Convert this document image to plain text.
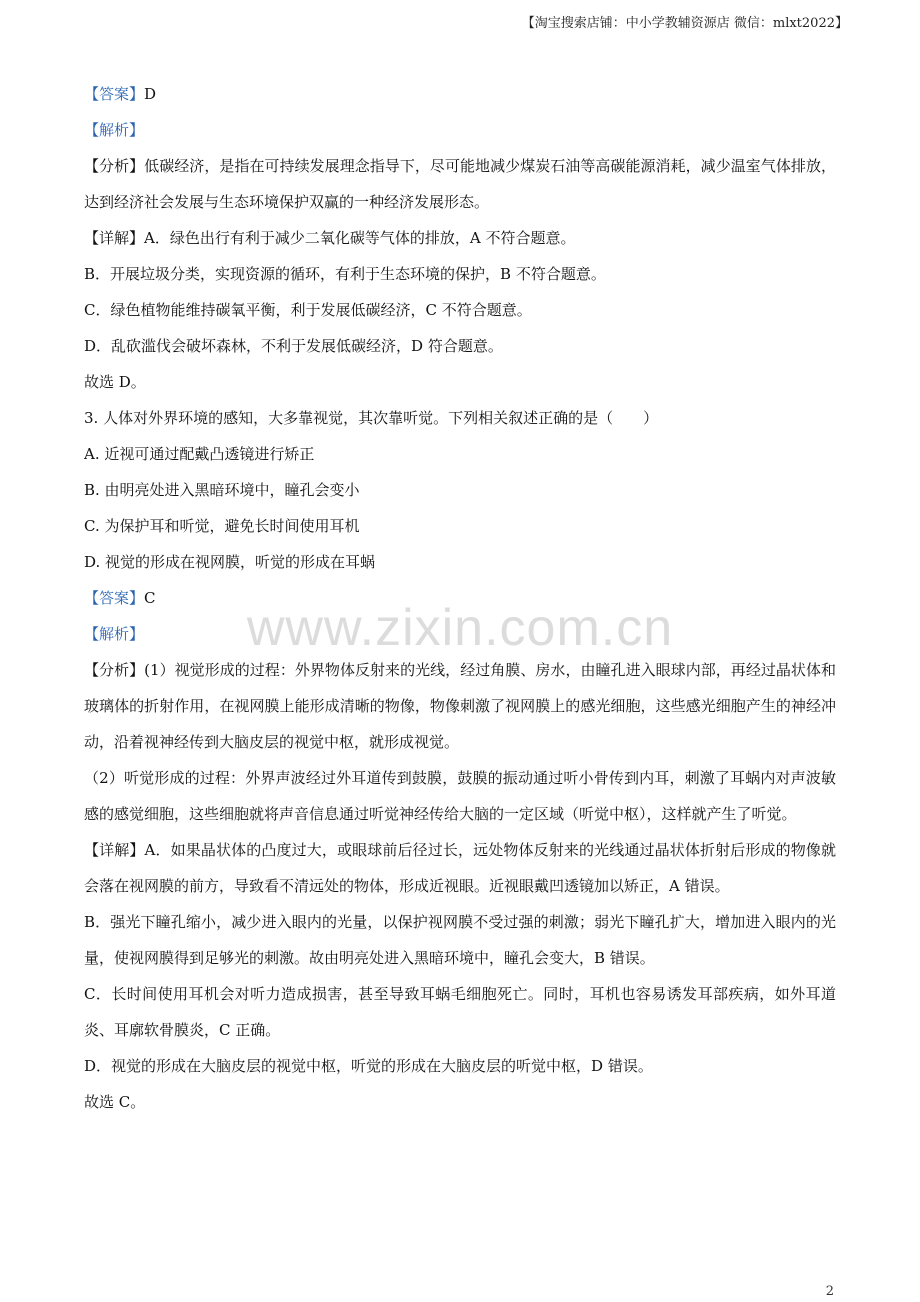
【淘宝搜索店铺：中小学教辅资源店 微信：mlxt2022】
www.zixin.com.cn

【答案】D

【解析】

【分析】低碳经济，是指在可持续发展理念指导下，尽可能地减少煤炭石油等高碳能源消耗，减少温室气体排放，达到经济社会发展与生态环境保护双赢的一种经济发展形态。

【详解】A．绿色出行有利于减少二氧化碳等气体的排放，A 不符合题意。

B．开展垃圾分类，实现资源的循环，有利于生态环境的保护，B 不符合题意。

C．绿色植物能维持碳氧平衡，利于发展低碳经济，C 不符合题意。

D．乱砍滥伐会破坏森林，不利于发展低碳经济，D 符合题意。

故选 D。

3. 人体对外界环境的感知，大多靠视觉，其次靠听觉。下列相关叙述正确的是（　　）

A. 近视可通过配戴凸透镜进行矫正

B. 由明亮处进入黑暗环境中，瞳孔会变小

C. 为保护耳和听觉，避免长时间使用耳机

D. 视觉的形成在视网膜，听觉的形成在耳蜗

【答案】C

【解析】

【分析】(1）视觉形成的过程：外界物体反射来的光线，经过角膜、房水，由瞳孔进入眼球内部，再经过晶状体和玻璃体的折射作用，在视网膜上能形成清晰的物像，物像刺激了视网膜上的感光细胞，这些感光细胞产生的神经冲动，沿着视神经传到大脑皮层的视觉中枢，就形成视觉。

（2）听觉形成的过程：外界声波经过外耳道传到鼓膜，鼓膜的振动通过听小骨传到内耳，刺激了耳蜗内对声波敏感的感觉细胞，这些细胞就将声音信息通过听觉神经传给大脑的一定区域（听觉中枢），这样就产生了听觉。

【详解】A．如果晶状体的凸度过大，或眼球前后径过长，远处物体反射来的光线通过晶状体折射后形成的物像就会落在视网膜的前方，导致看不清远处的物体，形成近视眼。近视眼戴凹透镜加以矫正，A 错误。

B．强光下瞳孔缩小，减少进入眼内的光量，以保护视网膜不受过强的刺激；弱光下瞳孔扩大，增加进入眼内的光量，使视网膜得到足够光的刺激。故由明亮处进入黑暗环境中，瞳孔会变大，B 错误。

C．长时间使用耳机会对听力造成损害，甚至导致耳蜗毛细胞死亡。同时，耳机也容易诱发耳部疾病，如外耳道炎、耳廓软骨膜炎，C 正确。

D．视觉的形成在大脑皮层的视觉中枢，听觉的形成在大脑皮层的听觉中枢，D 错误。

故选 C。

2
